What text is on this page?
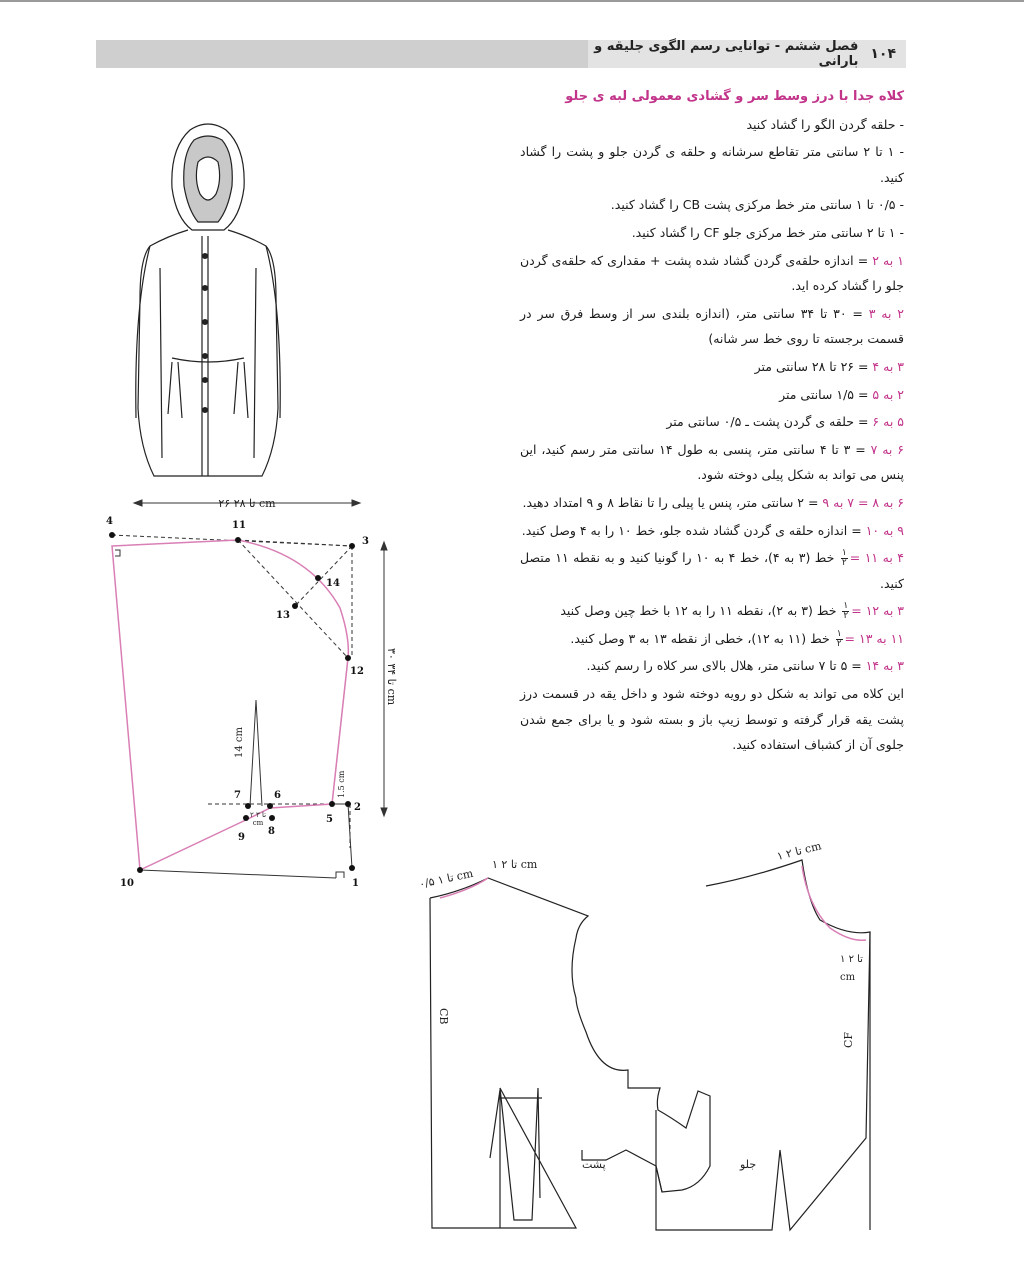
۱۰۴
فصل ششم - توانایی رسم الگوی جلیقه و بارانی
کلاه جدا با درز وسط سر و گشادی معمولی لبه ی جلو

- حلقه گردن الگو را گشاد کنید

- ۱ تا ۲ سانتی متر تقاطع سرشانه و حلقه ی گردن جلو و پشت را گشاد کنید.

- ۰/۵ تا ۱ سانتی متر خط مرکزی پشت CB را گشاد کنید.

- ۱ تا ۲ سانتی متر خط مرکزی جلو CF را گشاد کنید.

۱ به ۲ = اندازه حلقه‌ی گردن گشاد شده پشت + مقداری که حلقه‌ی گردن جلو را گشاد کرده اید.

۲ به ۳ = ۳۰ تا ۳۴ سانتی متر، (اندازه بلندی سر از وسط فرق سر در قسمت برجسته تا روی خط سر شانه)

۳ به ۴ = ۲۶ تا ۲۸ سانتی متر

۲ به ۵ = ۱/۵ سانتی متر

۵ به ۶ = حلقه ی گردن پشت ـ ۰/۵ سانتی متر

۶ به ۷ = ۳ تا ۴ سانتی متر، پنسی به طول ۱۴ سانتی متر رسم کنید، این پنس می تواند به شکل پیلی دوخته شود.

۶ به ۸ = ۷ به ۹ = ۲ سانتی متر، پنس یا پیلی را تا نقاط ۸ و ۹ امتداد دهید.

۹ به ۱۰ = اندازه حلقه ی گردن گشاد شده جلو، خط ۱۰ را به ۴ وصل کنید.

۴ به ۱۱ =
$\frac{۱}{۲}$
خط (۳ به ۴)، خط ۴ به ۱۰ را گونیا کنید و به نقطه ۱۱ متصل کنید.

۳ به ۱۲ =
$\frac{۱}{۲}$
خط (۳ به ۲)، نقطه ۱۱ را به ۱۲ با خط چین وصل کنید

۱۱ به ۱۳ =
$\frac{۱}{۲}$
خط (۱۱ به ۱۲)، خطی از نقطه ۱۳ به ۳ وصل کنید.

۳ به ۱۴ = ۵ تا ۷ سانتی متر، هلال بالای سر کلاه را رسم کنید.

این کلاه می تواند به شکل دو رویه دوخته شود و داخل یقه در قسمت درز پشت یقه قرار گرفته و توسط زیپ باز و بسته شود و یا برای جمع شدن جلوی آن از کشباف استفاده کنید.

۲۶ تا ۲۸ cm
۳۰ تا ۳۴ cm
1
2
3
4
5
6
7
8
9
10
11
12
13
14
14 cm
1.5 cm
۲ تا ۳
cm
۰/۵ تا ۱ cm
۱ تا ۲ cm
۱ تا ۲ cm
۱ تا ۲
cm
CB
CF
پشت	جلو
